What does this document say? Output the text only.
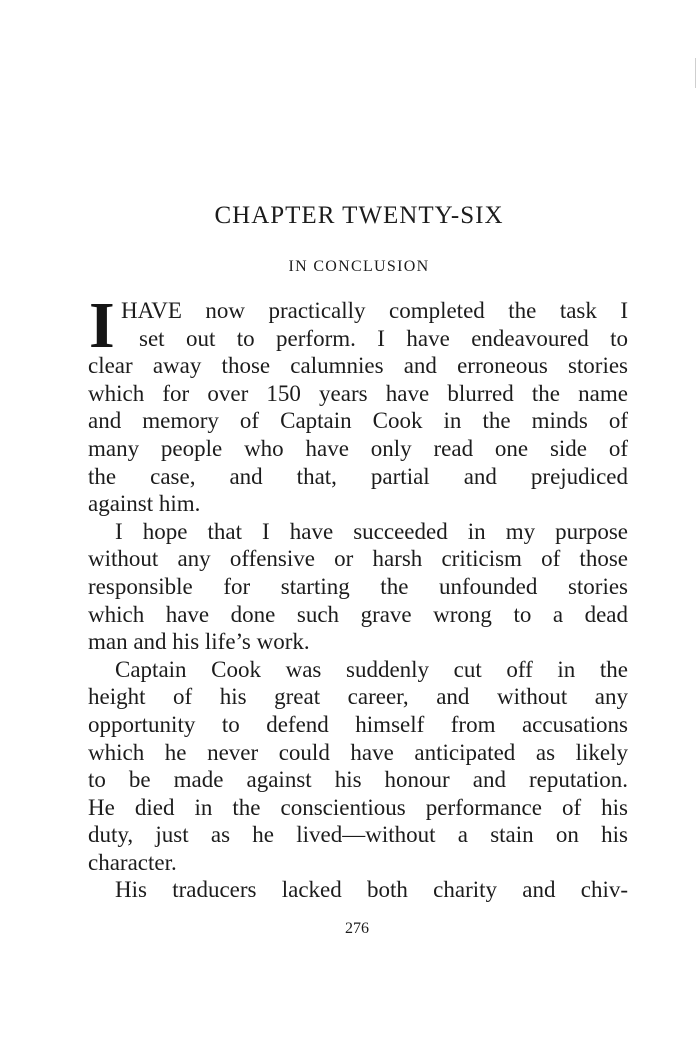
CHAPTER TWENTY-SIX
IN CONCLUSION
I HAVE now practically completed the task I
set out to perform. I have endeavoured to
clear away those calumnies and erroneous stories
which for over 150 years have blurred the name
and memory of Captain Cook in the minds of
many people who have only read one side of
the case, and that, partial and prejudiced
against him.
I hope that I have succeeded in my purpose
without any offensive or harsh criticism of those
responsible for starting the unfounded stories
which have done such grave wrong to a dead
man and his life’s work.
Captain Cook was suddenly cut off in the
height of his great career, and without any
opportunity to defend himself from accusations
which he never could have anticipated as likely
to be made against his honour and reputation.
He died in the conscientious performance of his
duty, just as he lived—without a stain on his
character.
His traducers lacked both charity and chiv-
276
